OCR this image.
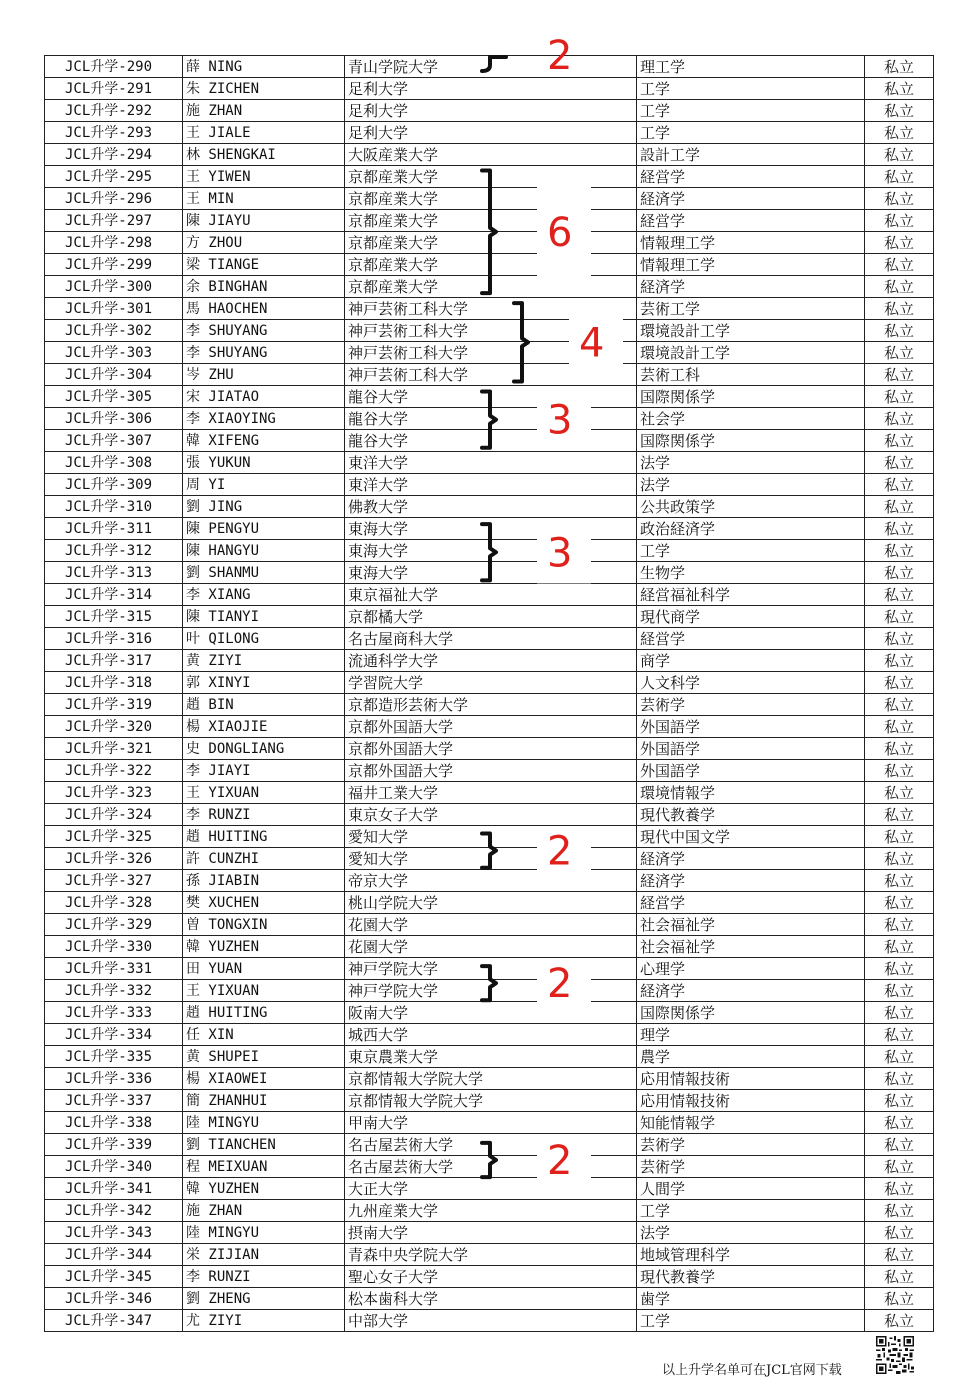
JCL升学-290	薛 NING	青山学院大学	理工学	私立
JCL升学-291	朱 ZICHEN	足利大学	工学	私立
JCL升学-292	施 ZHAN	足利大学	工学	私立
JCL升学-293	王 JIALE	足利大学	工学	私立
JCL升学-294	林 SHENGKAI	大阪産業大学	設計工学	私立
JCL升学-295	王 YIWEN	京都産業大学	経営学	私立
JCL升学-296	王 MIN	京都産業大学	経済学	私立
JCL升学-297	陳 JIAYU	京都産業大学	経営学	私立
JCL升学-298	方 ZHOU	京都産業大学	情報理工学	私立
JCL升学-299	梁 TIANGE	京都産業大学	情報理工学	私立
JCL升学-300	余 BINGHAN	京都産業大学	経済学	私立
JCL升学-301	馬 HAOCHEN	神戸芸術工科大学	芸術工学	私立
JCL升学-302	李 SHUYANG	神戸芸術工科大学	環境設計工学	私立
JCL升学-303	李 SHUYANG	神戸芸術工科大学	環境設計工学	私立
JCL升学-304	岑 ZHU	神戸芸術工科大学	芸術工科	私立
JCL升学-305	宋 JIATAO	龍谷大学	国際関係学	私立
JCL升学-306	李 XIAOYING	龍谷大学	社会学	私立
JCL升学-307	韓 XIFENG	龍谷大学	国際関係学	私立
JCL升学-308	張 YUKUN	東洋大学	法学	私立
JCL升学-309	周 YI	東洋大学	法学	私立
JCL升学-310	劉 JING	佛教大学	公共政策学	私立
JCL升学-311	陳 PENGYU	東海大学	政治経済学	私立
JCL升学-312	陳 HANGYU	東海大学	工学	私立
JCL升学-313	劉 SHANMU	東海大学	生物学	私立
JCL升学-314	李 XIANG	東京福祉大学	経営福祉科学	私立
JCL升学-315	陳 TIANYI	京都橘大学	現代商学	私立
JCL升学-316	叶 QILONG	名古屋商科大学	経営学	私立
JCL升学-317	黄 ZIYI	流通科学大学	商学	私立
JCL升学-318	郭 XINYI	学習院大学	人文科学	私立
JCL升学-319	趙 BIN	京都造形芸術大学	芸術学	私立
JCL升学-320	楊 XIAOJIE	京都外国語大学	外国語学	私立
JCL升学-321	史 DONGLIANG	京都外国語大学	外国語学	私立
JCL升学-322	李 JIAYI	京都外国語大学	外国語学	私立
JCL升学-323	王 YIXUAN	福井工業大学	環境情報学	私立
JCL升学-324	李 RUNZI	東京女子大学	現代教養学	私立
JCL升学-325	趙 HUITING	愛知大学	現代中国文学	私立
JCL升学-326	許 CUNZHI	愛知大学	経済学	私立
JCL升学-327	孫 JIABIN	帝京大学	経済学	私立
JCL升学-328	樊 XUCHEN	桃山学院大学	経営学	私立
JCL升学-329	曽 TONGXIN	花園大学	社会福祉学	私立
JCL升学-330	韓 YUZHEN	花園大学	社会福祉学	私立
JCL升学-331	田 YUAN	神戸学院大学	心理学	私立
JCL升学-332	王 YIXUAN	神戸学院大学	経済学	私立
JCL升学-333	趙 HUITING	阪南大学	国際関係学	私立
JCL升学-334	任 XIN	城西大学	理学	私立
JCL升学-335	黄 SHUPEI	東京農業大学	農学	私立
JCL升学-336	楊 XIAOWEI	京都情報大学院大学	応用情報技術	私立
JCL升学-337	簡 ZHANHUI	京都情報大学院大学	応用情報技術	私立
JCL升学-338	陸 MINGYU	甲南大学	知能情報学	私立
JCL升学-339	劉 TIANCHEN	名古屋芸術大学	芸術学	私立
JCL升学-340	程 MEIXUAN	名古屋芸術大学	芸術学	私立
JCL升学-341	韓 YUZHEN	大正大学	人間学	私立
JCL升学-342	施 ZHAN	九州産業大学	工学	私立
JCL升学-343	陸 MINGYU	摂南大学	法学	私立
JCL升学-344	栄 ZIJIAN	青森中央学院大学	地域管理科学	私立
JCL升学-345	李 RUNZI	聖心女子大学	現代教養学	私立
JCL升学-346	劉 ZHENG	松本歯科大学	歯学	私立
JCL升学-347	尤 ZIYI	中部大学	工学	私立
2
6
4
3
3
2
2
2
以上升学名单可在JCL官网下载
